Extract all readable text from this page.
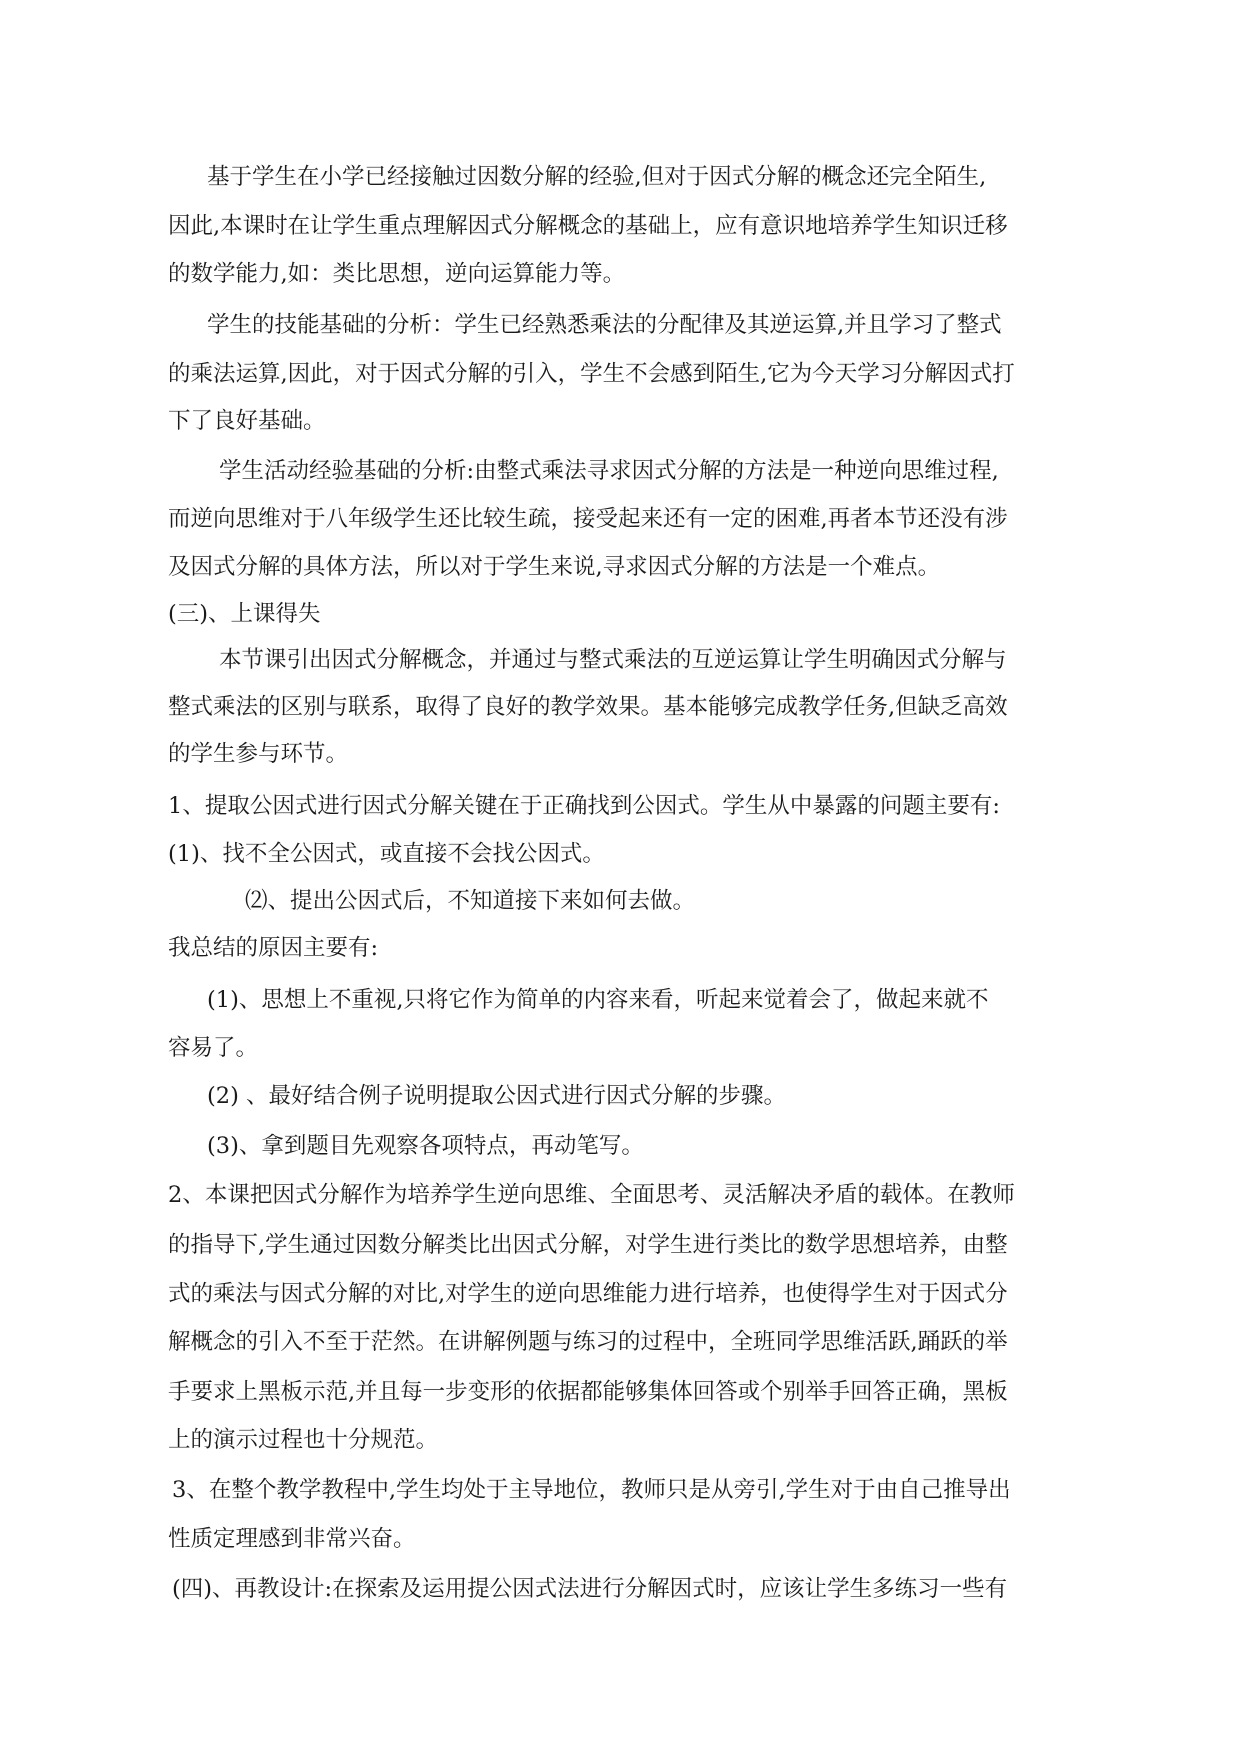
基于学生在小学已经接触过因数分解的经验,但对于因式分解的概念还完全陌生,
因此,本课时在让学生重点理解因式分解概念的基础上，应有意识地培养学生知识迁移
的数学能力,如：类比思想，逆向运算能力等。
学生的技能基础的分析：学生已经熟悉乘法的分配律及其逆运算,并且学习了整式
的乘法运算,因此，对于因式分解的引入，学生不会感到陌生,它为今天学习分解因式打
下了良好基础。
学生活动经验基础的分析:由整式乘法寻求因式分解的方法是一种逆向思维过程,
而逆向思维对于八年级学生还比较生疏，接受起来还有一定的困难,再者本节还没有涉
及因式分解的具体方法，所以对于学生来说,寻求因式分解的方法是一个难点。
(三)、上课得失
本节课引出因式分解概念，并通过与整式乘法的互逆运算让学生明确因式分解与
整式乘法的区别与联系，取得了良好的教学效果。基本能够完成教学任务,但缺乏高效
的学生参与环节。
1、提取公因式进行因式分解关键在于正确找到公因式。学生从中暴露的问题主要有:
(1)、找不全公因式，或直接不会找公因式。
⑵、提出公因式后，不知道接下来如何去做。
我总结的原因主要有:
(1)、思想上不重视,只将它作为简单的内容来看，听起来觉着会了，做起来就不
容易了。
(2) 、最好结合例子说明提取公因式进行因式分解的步骤。
(3)、拿到题目先观察各项特点，再动笔写。
2、本课把因式分解作为培养学生逆向思维、全面思考、灵活解决矛盾的载体。在教师
的指导下,学生通过因数分解类比出因式分解，对学生进行类比的数学思想培养，由整
式的乘法与因式分解的对比,对学生的逆向思维能力进行培养，也使得学生对于因式分
解概念的引入不至于茫然。在讲解例题与练习的过程中，全班同学思维活跃,踊跃的举
手要求上黑板示范,并且每一步变形的依据都能够集体回答或个别举手回答正确，黑板
上的演示过程也十分规范。
3、在整个教学教程中,学生均处于主导地位，教师只是从旁引,学生对于由自己推导出
性质定理感到非常兴奋。
(四)、再教设计:在探索及运用提公因式法进行分解因式时，应该让学生多练习一些有
